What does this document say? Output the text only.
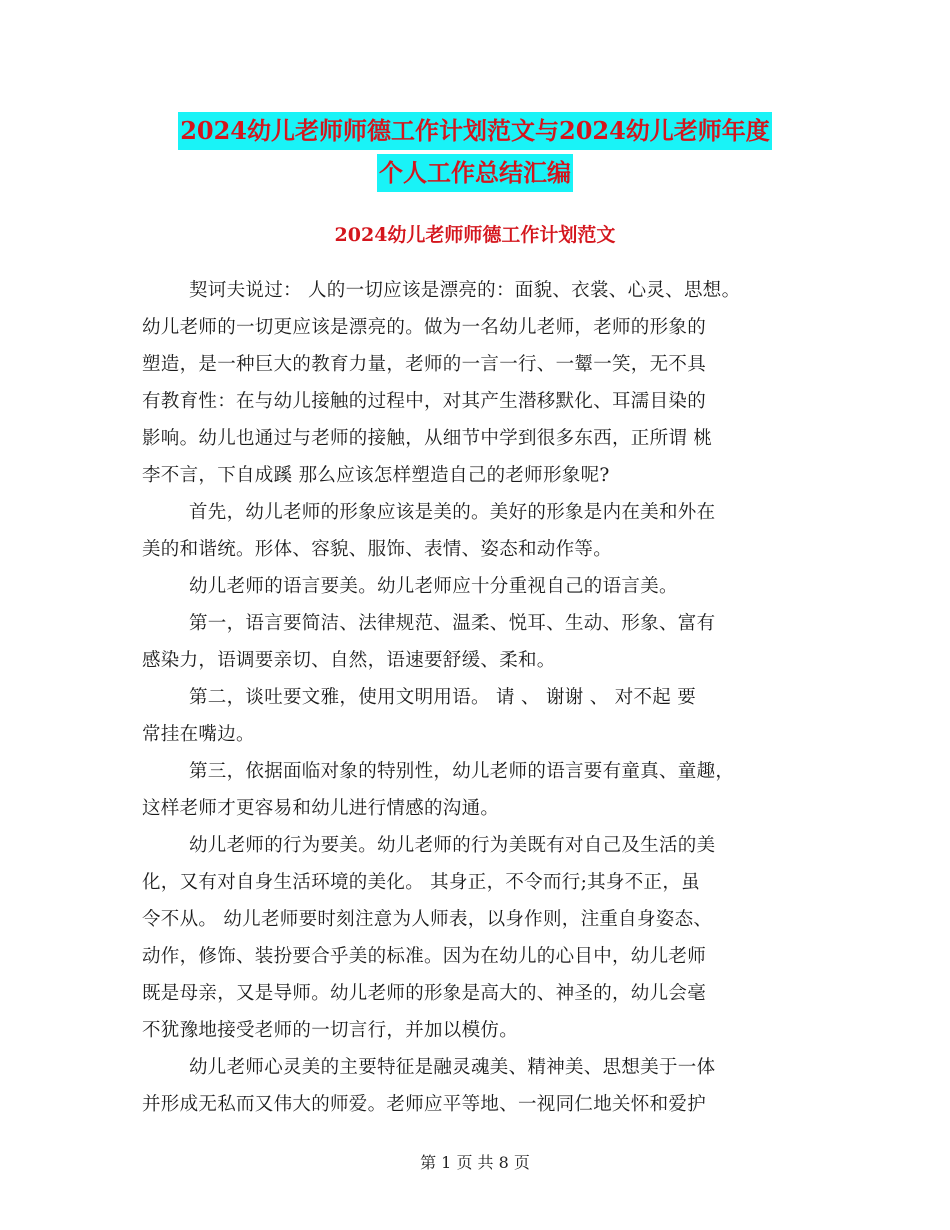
2024幼儿老师师德工作计划范文与2024幼儿老师年度
个人工作总结汇编
2024幼儿老师师德工作计划范文
契诃夫说过： 人的一切应该是漂亮的：面貌、衣裳、心灵、思想。
幼儿老师的一切更应该是漂亮的。做为一名幼儿老师，老师的形象的
塑造，是一种巨大的教育力量，老师的一言一行、一颦一笑，无不具
有教育性：在与幼儿接触的过程中，对其产生潜移默化、耳濡目染的
影响。幼儿也通过与老师的接触，从细节中学到很多东西，正所谓 桃
李不言，下自成蹊 那么应该怎样塑造自己的老师形象呢?
首先，幼儿老师的形象应该是美的。美好的形象是内在美和外在
美的和谐统。形体、容貌、服饰、表情、姿态和动作等。
幼儿老师的语言要美。幼儿老师应十分重视自己的语言美。
第一，语言要简洁、法律规范、温柔、悦耳、生动、形象、富有
感染力，语调要亲切、自然，语速要舒缓、柔和。
第二，谈吐要文雅，使用文明用语。 请 、 谢谢 、 对不起 要
常挂在嘴边。
第三，依据面临对象的特别性，幼儿老师的语言要有童真、童趣，
这样老师才更容易和幼儿进行情感的沟通。
幼儿老师的行为要美。幼儿老师的行为美既有对自己及生活的美
化，又有对自身生活环境的美化。 其身正，不令而行;其身不正，虽
令不从。 幼儿老师要时刻注意为人师表，以身作则，注重自身姿态、
动作，修饰、装扮要合乎美的标准。因为在幼儿的心目中，幼儿老师
既是母亲，又是导师。幼儿老师的形象是高大的、神圣的，幼儿会毫
不犹豫地接受老师的一切言行，并加以模仿。
幼儿老师心灵美的主要特征是融灵魂美、精神美、思想美于一体
并形成无私而又伟大的师爱。老师应平等地、一视同仁地关怀和爱护
第 1 页 共 8 页
